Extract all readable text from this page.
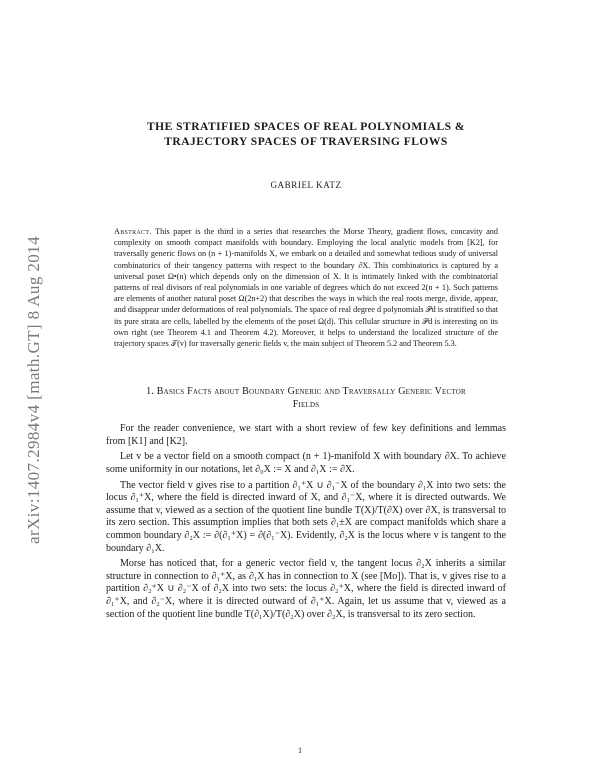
arXiv:1407.2984v4 [math.GT] 8 Aug 2014
THE STRATIFIED SPACES OF REAL POLYNOMIALS &
TRAJECTORY SPACES OF TRAVERSING FLOWS
GABRIEL KATZ
Abstract. This paper is the third in a series that researches the Morse Theory, gradient flows, concavity and complexity on smooth compact manifolds with boundary. Employing the local analytic models from [K2], for traversally generic flows on (n + 1)-manifolds X, we embark on a detailed and somewhat tedious study of universal combinatorics of their tangency patterns with respect to the boundary ∂X. This combinatorics is captured by a universal poset Ω•(n) which depends only on the dimension of X. It is intimately linked with the combinatorial patterns of real divisors of real polynomials in one variable of degrees which do not exceed 2(n + 1). Such patterns are elements of another natural poset Ω(2n+2) that describes the ways in which the real roots merge, divide, appear, and disappear under deformations of real polynomials. The space of real degree d polynomials 𝒫d is stratified so that its pure strata are cells, labelled by the elements of the poset Ω(d). This cellular structure in 𝒫d is interesting on its own right (see Theorem 4.1 and Theorem 4.2). Moreover, it helps to understand the localized structure of the trajectory spaces 𝒯(v) for traversally generic fields v, the main subject of Theorem 5.2 and Theorem 5.3.
1. Basics Facts about Boundary Generic and Traversally Generic Vector
Fields

For the reader convenience, we start with a short review of few key definitions and lemmas from [K1] and [K2].

Let v be a vector field on a smooth compact (n + 1)-manifold X with boundary ∂X. To achieve some uniformity in our notations, let ∂₀X := X and ∂₁X := ∂X.

The vector field v gives rise to a partition ∂₁⁺X ∪ ∂₁⁻X of the boundary ∂₁X into two sets: the locus ∂₁⁺X, where the field is directed inward of X, and ∂₁⁻X, where it is directed outwards. We assume that v, viewed as a section of the quotient line bundle T(X)/T(∂X) over ∂X, is transversal to its zero section. This assumption implies that both sets ∂₁±X are compact manifolds which share a common boundary ∂₂X := ∂(∂₁⁺X) = ∂(∂₁⁻X). Evidently, ∂₂X is the locus where v is tangent to the boundary ∂₁X.

Morse has noticed that, for a generic vector field v, the tangent locus ∂₂X inherits a similar structure in connection to ∂₁⁺X, as ∂₁X has in connection to X (see [Mo]). That is, v gives rise to a partition ∂₂⁺X ∪ ∂₂⁻X of ∂₂X into two sets: the locus ∂₂⁺X, where the field is directed inward of ∂₁⁺X, and ∂₂⁻X, where it is directed outward of ∂₁⁺X. Again, let us assume that v, viewed as a section of the quotient line bundle T(∂₁X)/T(∂₂X) over ∂₂X, is transversal to its zero section.

1
